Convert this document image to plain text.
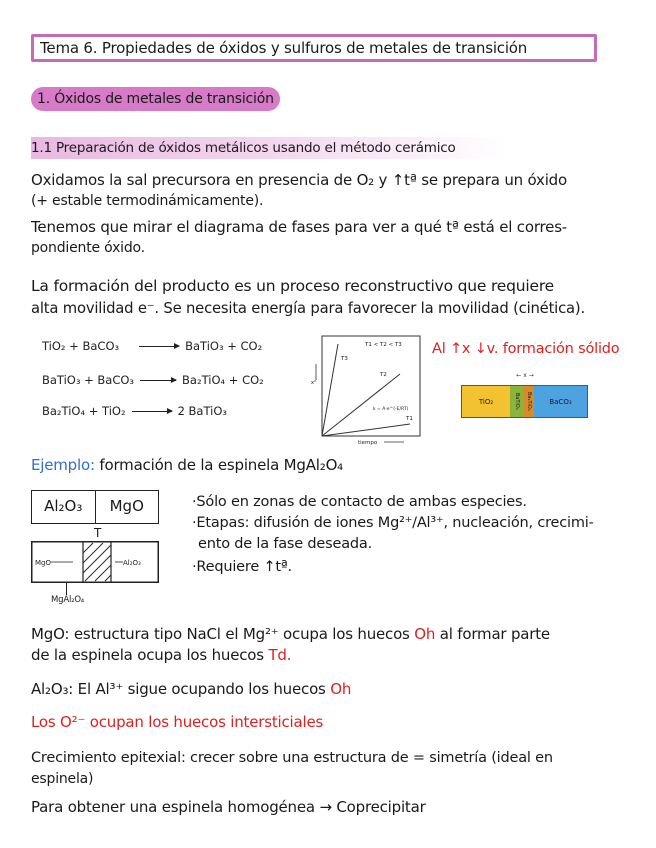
Tema 6. Propiedades de óxidos y sulfuros de metales de transición
1. Óxidos de metales de transición
1.1 Preparación de óxidos metálicos usando el método cerámico
Oxidamos la sal precursora en presencia de O₂ y ↑tª se prepara un óxido
(+ estable termodinámicamente).
Tenemos que mirar el diagrama de fases para ver a qué tª está el corres-
pondiente óxido.
La formación del producto es un proceso reconstructivo que requiere
alta movilidad e⁻. Se necesita energía para favorecer la movilidad (cinética).
TiO₂ + BaCO₃ → BaTiO₃ + CO₂
BaTiO₃ + BaCO₃ → Ba₂TiO₄ + CO₂
Ba₂TiO₄ + TiO₂ → 2 BaTiO₃
T1 < T2 < T3
T3
T2
T1
k = A·e^(-E/RT)
x²
tiempo
Al ↑x ↓v. formación sólido
← x →
TiO₂	BaTiO₃	Ba₂TiO₄	BaCO₃
Ejemplo: formación de la espinela MgAl₂O₄
Al₂O₃	MgO
T
MgO	Al₂O₃
MgAl₂O₄
·Sólo en zonas de contacto de ambas especies.
·Etapas: difusión de iones Mg²⁺/Al³⁺, nucleación, crecimi-
ento de la fase deseada.
·Requiere ↑tª.
MgO: estructura tipo NaCl el Mg²⁺ ocupa los huecos Oh al formar parte
de la espinela ocupa los huecos Td.
Al₂O₃: El Al³⁺ sigue ocupando los huecos Oh
Los O²⁻ ocupan los huecos intersticiales
Crecimiento epitexial: crecer sobre una estructura de = simetría (ideal en
espinela)
Para obtener una espinela homogénea → Coprecipitar
